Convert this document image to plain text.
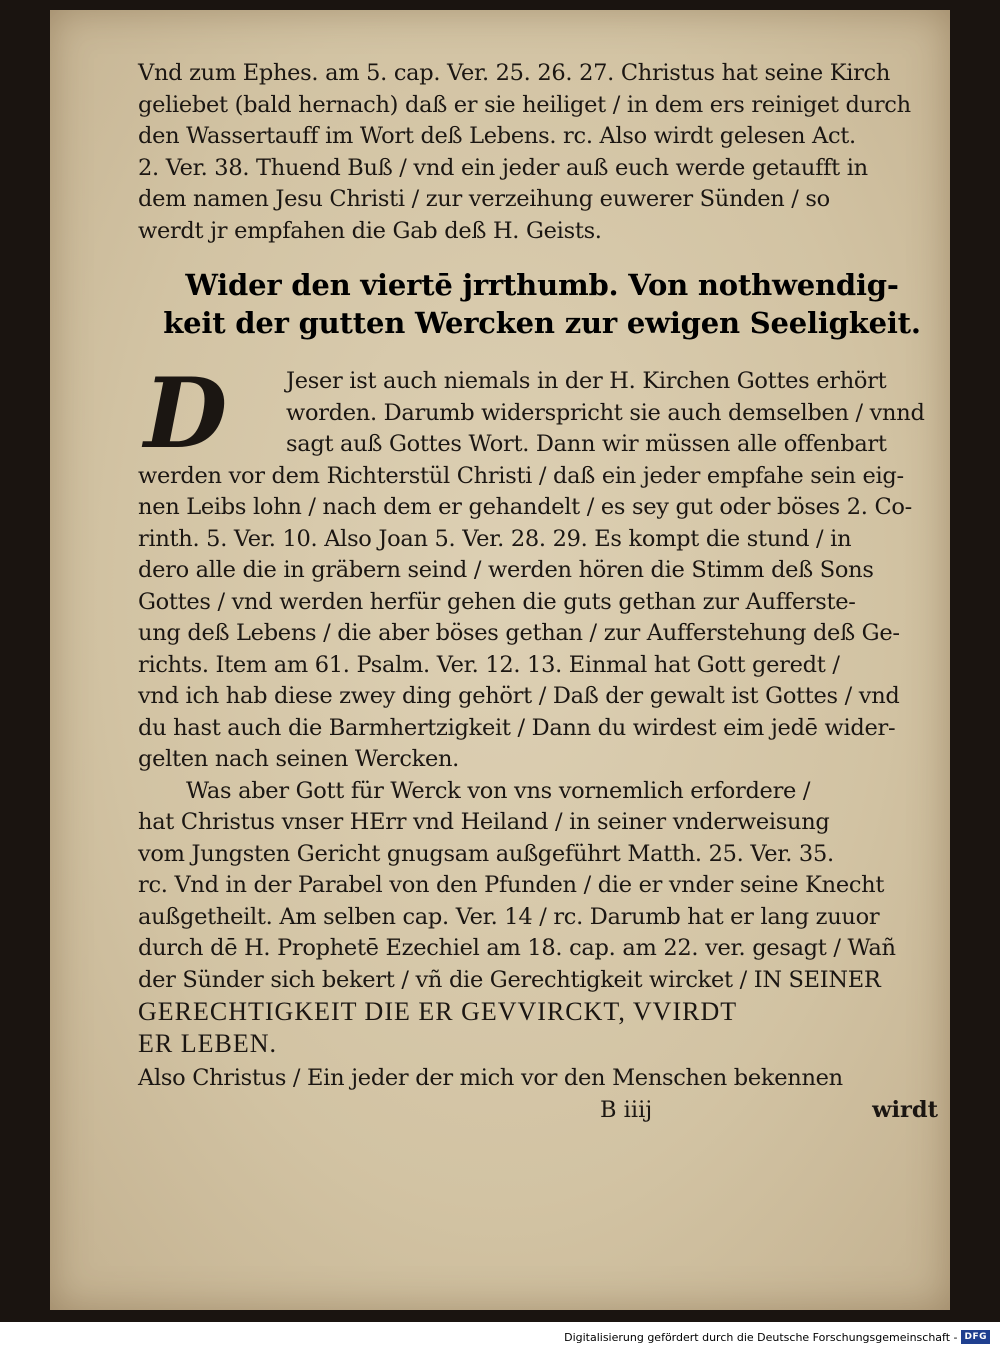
Vnd zum Ephes. am 5. cap. Ver. 25. 26. 27. Christus hat seine Kirch
geliebet (bald hernach) daß er sie heiliget / in dem ers reiniget durch
den Wassertauff im Wort deß Lebens. rc. Also wirdt gelesen Act.
2. Ver. 38. Thuend Buß / vnd ein jeder auß euch werde getaufft in
dem namen Jesu Christi / zur verzeihung euwerer Sünden / so
werdt jr empfahen die Gab deß H. Geists.
Wider den viertē jrrthumb. Von nothwendig-
keit der gutten Wercken zur ewigen Seeligkeit.
D	Jeser ist auch niemals in der H. Kirchen Gottes erhört
worden. Darumb widerspricht sie auch demselben / vnnd
sagt auß Gottes Wort. Dann wir müssen alle offenbart
werden vor dem Richterstül Christi / daß ein jeder empfahe sein eig-
nen Leibs lohn / nach dem er gehandelt / es sey gut oder böses 2. Co-
rinth. 5. Ver. 10. Also Joan 5. Ver. 28. 29. Es kompt die stund / in
dero alle die in gräbern seind / werden hören die Stimm deß Sons
Gottes / vnd werden herfür gehen die guts gethan zur Aufferste-
ung deß Lebens / die aber böses gethan / zur Aufferstehung deß Ge-
richts. Item am 61. Psalm. Ver. 12. 13. Einmal hat Gott geredt /
vnd ich hab diese zwey ding gehört / Daß der gewalt ist Gottes / vnd
du hast auch die Barmhertzigkeit / Dann du wirdest eim jedē wider-
gelten nach seinen Wercken.
Was aber Gott für Werck von vns vornemlich erfordere /
hat Christus vnser HErr vnd Heiland / in seiner vnderweisung
vom Jungsten Gericht gnugsam außgeführt Matth. 25. Ver. 35.
rc. Vnd in der Parabel von den Pfunden / die er vnder seine Knecht
außgetheilt. Am selben cap. Ver. 14 / rc. Darumb hat er lang zuuor
durch dē H. Prophetē Ezechiel am 18. cap. am 22. ver. gesagt / Wañ
der Sünder sich bekert / vñ die Gerechtigkeit wircket / IN SEINER
GERECHTIGKEIT DIE ER GEVVIRCKT, VVIRDT
ER LEBEN.
Also Christus / Ein jeder der mich vor den Menschen bekennen
B iiij	wirdt
Digitalisierung gefördert durch die Deutsche Forschungsgemeinschaft - DFG
